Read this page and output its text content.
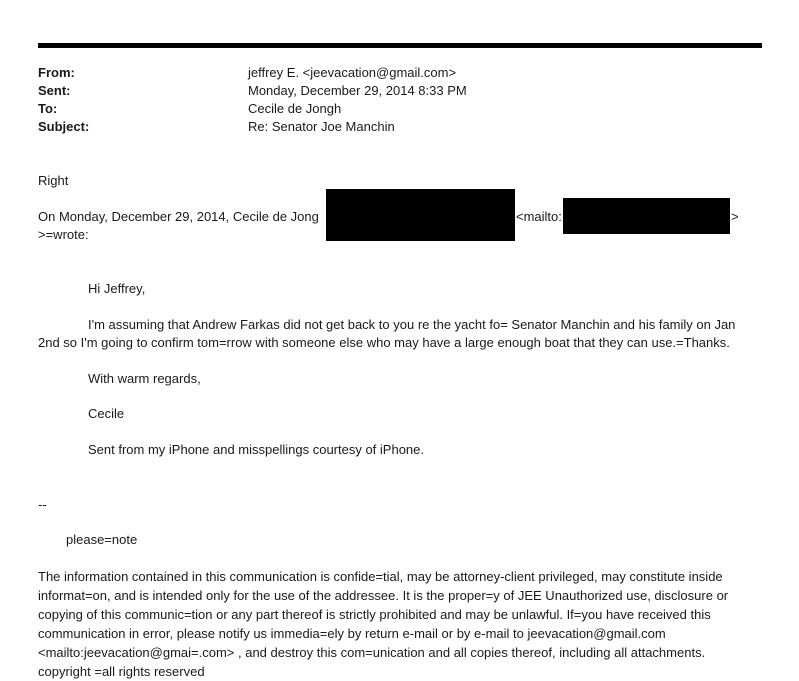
From:	jeffrey E. <jeevacation@gmail.com>
Sent:	Monday, December 29, 2014 8:33 PM
To:	Cecile de Jongh
Subject:	Re: Senator Joe Manchin
Right
On Monday, December 29, 2014, Cecile de Jong	<mailto:	>
>=wrote:
Hi Jeffrey,
I'm assuming that Andrew Farkas did not get back to you re the yacht fo= Senator Manchin and his family on Jan
2nd so I'm going to confirm tom=rrow with someone else who may have a large enough boat that they can use.=Thanks.
With warm regards,
Cecile
Sent from my iPhone and misspellings courtesy of iPhone.
--
please=note
The information contained in this communication is confide=tial, may be attorney-client privileged, may constitute inside informat=on, and is intended only for the use of the addressee. It is the proper=y of JEE Unauthorized use, disclosure or copying of this communic=tion or any part thereof is strictly prohibited and may be unlawful. If=you have received this communication in error, please notify us immedia=ely by return e-mail or by e-mail to jeevacation@gmail.com <mailto:jeevacation@gmai=.com> , and destroy this com=unication and all copies thereof, including all attachments. copyright =all rights reserved
